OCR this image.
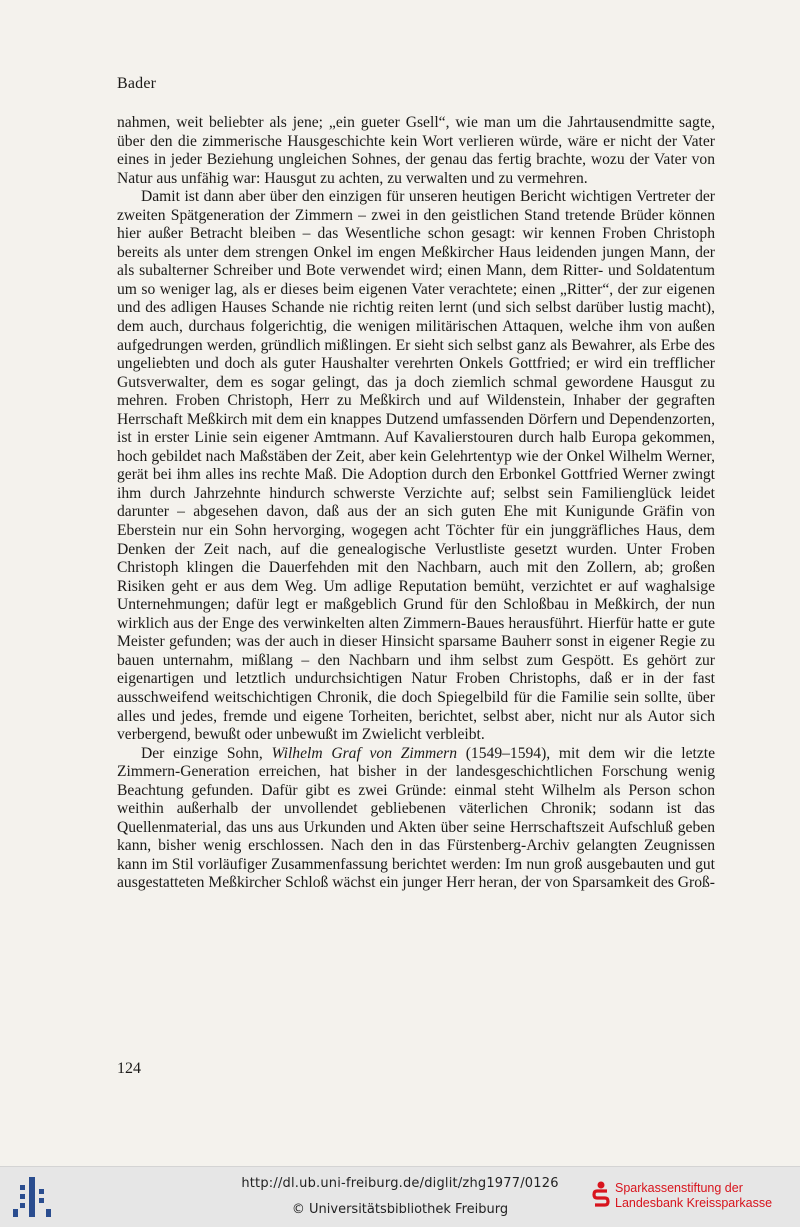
Bader

nahmen, weit beliebter als jene; „ein gueter Gsell“, wie man um die Jahrtausendmitte sagte, über den die zimmerische Hausgeschichte kein Wort verlieren würde, wäre er nicht der Vater eines in jeder Beziehung ungleichen Sohnes, der genau das fertig brachte, wozu der Vater von Natur aus unfähig war: Hausgut zu achten, zu verwalten und zu vermehren.

Damit ist dann aber über den einzigen für unseren heutigen Bericht wichtigen Vertreter der zweiten Spätgeneration der Zimmern – zwei in den geistlichen Stand tretende Brüder können hier außer Betracht bleiben – das Wesentliche schon gesagt: wir kennen Froben Christoph bereits als unter dem strengen Onkel im engen Meßkircher Haus leidenden jungen Mann, der als subalterner Schreiber und Bote verwendet wird; einen Mann, dem Ritter- und Soldatentum um so weniger lag, als er dieses beim eigenen Vater verachtete; einen „Ritter“, der zur eigenen und des adligen Hauses Schande nie richtig reiten lernt (und sich selbst darüber lustig macht), dem auch, durchaus folgerichtig, die wenigen militärischen Attaquen, welche ihm von außen aufgedrungen werden, gründlich mißlingen. Er sieht sich selbst ganz als Bewahrer, als Erbe des ungeliebten und doch als guter Haushalter verehrten Onkels Gottfried; er wird ein trefflicher Gutsverwalter, dem es sogar gelingt, das ja doch ziemlich schmal gewordene Hausgut zu mehren. Froben Christoph, Herr zu Meßkirch und auf Wildenstein, Inhaber der gegraften Herrschaft Meßkirch mit dem ein knappes Dutzend umfassenden Dörfern und Dependenzorten, ist in erster Linie sein eigener Amtmann. Auf Kavalierstouren durch halb Europa gekommen, hoch gebildet nach Maßstäben der Zeit, aber kein Gelehrtentyp wie der Onkel Wilhelm Werner, gerät bei ihm alles ins rechte Maß. Die Adoption durch den Erbonkel Gottfried Werner zwingt ihm durch Jahrzehnte hindurch schwerste Verzichte auf; selbst sein Familienglück leidet darunter – abgesehen davon, daß aus der an sich guten Ehe mit Kunigunde Gräfin von Eberstein nur ein Sohn hervorging, wogegen acht Töchter für ein junggräfliches Haus, dem Denken der Zeit nach, auf die genealogische Verlustliste gesetzt wurden. Unter Froben Christoph klingen die Dauerfehden mit den Nachbarn, auch mit den Zollern, ab; großen Risiken geht er aus dem Weg. Um adlige Reputation bemüht, verzichtet er auf waghalsige Unternehmungen; dafür legt er maßgeblich Grund für den Schloßbau in Meßkirch, der nun wirklich aus der Enge des verwinkelten alten Zimmern-Baues herausführt. Hierfür hatte er gute Meister gefunden; was der auch in dieser Hinsicht sparsame Bauherr sonst in eigener Regie zu bauen unternahm, mißlang – den Nachbarn und ihm selbst zum Gespött. Es gehört zur eigenartigen und letztlich undurchsichtigen Natur Froben Christophs, daß er in der fast ausschweifend weitschichtigen Chronik, die doch Spiegelbild für die Familie sein sollte, über alles und jedes, fremde und eigene Torheiten, berichtet, selbst aber, nicht nur als Autor sich verbergend, bewußt oder unbewußt im Zwielicht verbleibt.

Der einzige Sohn, Wilhelm Graf von Zimmern (1549–1594), mit dem wir die letzte Zimmern-Generation erreichen, hat bisher in der landesgeschichtlichen Forschung wenig Beachtung gefunden. Dafür gibt es zwei Gründe: einmal steht Wilhelm als Person schon weithin außerhalb der unvollendet gebliebenen väterlichen Chronik; sodann ist das Quellenmaterial, das uns aus Urkunden und Akten über seine Herrschaftszeit Aufschluß geben kann, bisher wenig erschlossen. Nach den in das Fürstenberg-Archiv gelangten Zeugnissen kann im Stil vorläufiger Zusammenfassung berichtet werden: Im nun groß ausgebauten und gut ausgestatteten Meßkircher Schloß wächst ein junger Herr heran, der von Sparsamkeit des Groß-

124
http://dl.ub.uni-freiburg.de/diglit/zhg1977/0126
© Universitätsbibliothek Freiburg
Sparkassenstiftung der
Landesbank Kreissparkasse
